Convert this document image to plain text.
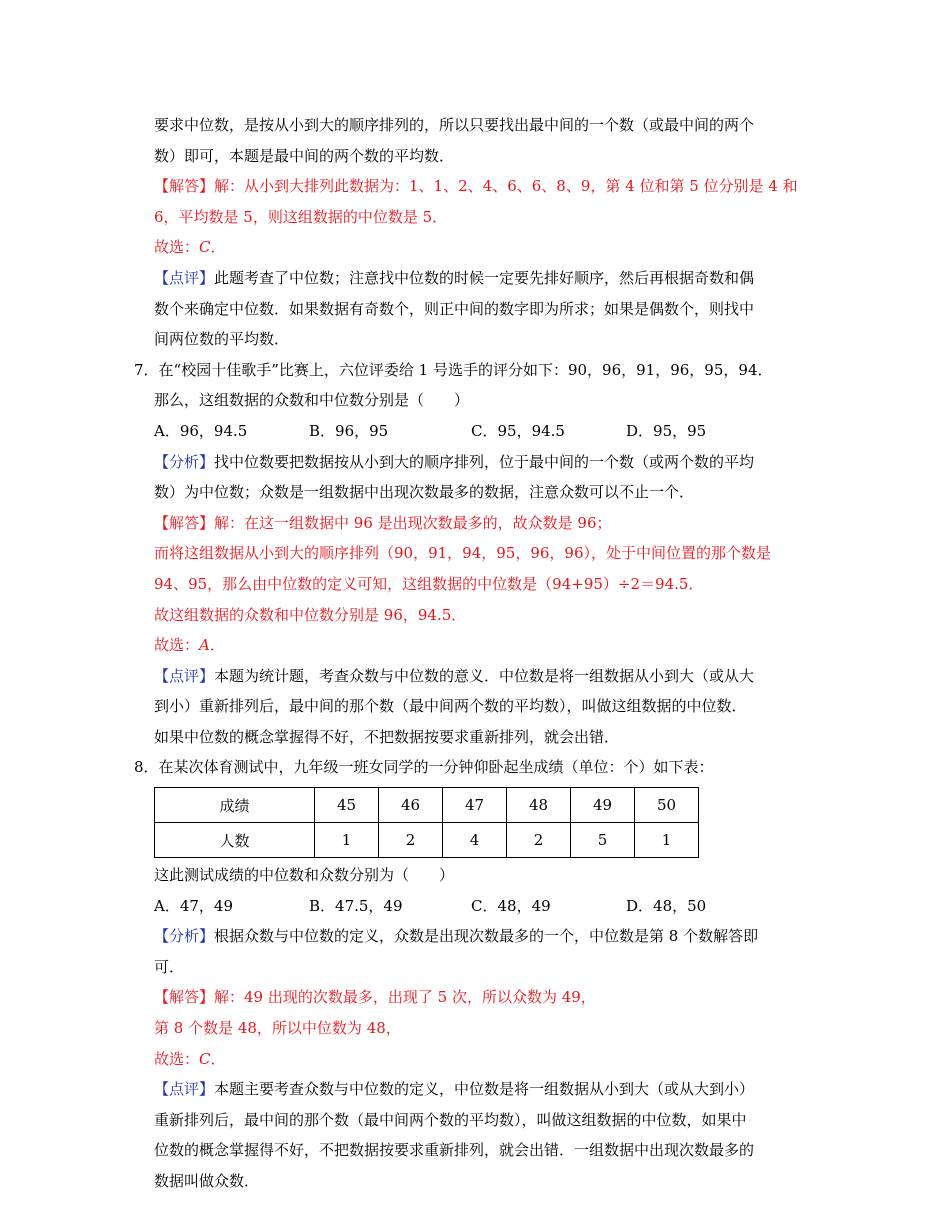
要求中位数，是按从小到大的顺序排列的，所以只要找出最中间的一个数（或最中间的两个

数）即可，本题是最中间的两个数的平均数．

【解答】解：从小到大排列此数据为：1、1、2、4、6、6、8、9，第 4 位和第 5 位分别是 4 和

6，平均数是 5，则这组数据的中位数是 5．

故选：C．

【点评】此题考查了中位数；注意找中位数的时候一定要先排好顺序，然后再根据奇数和偶

数个来确定中位数．如果数据有奇数个，则正中间的数字即为所求；如果是偶数个，则找中

间两位数的平均数．

7．在“校园十佳歌手”比赛上，六位评委给 1 号选手的评分如下：90，96，91，96，95，94．

那么，这组数据的众数和中位数分别是（　　）

A．96，94.5	B．96，95	C．95，94.5	D．95，95

【分析】找中位数要把数据按从小到大的顺序排列，位于最中间的一个数（或两个数的平均

数）为中位数；众数是一组数据中出现次数最多的数据，注意众数可以不止一个．

【解答】解：在这一组数据中 96 是出现次数最多的，故众数是 96；

而将这组数据从小到大的顺序排列（90，91，94，95，96，96），处于中间位置的那个数是

94、95，那么由中位数的定义可知，这组数据的中位数是（94+95）÷2＝94.5．

故这组数据的众数和中位数分别是 96，94.5．

故选：A．

【点评】本题为统计题，考查众数与中位数的意义．中位数是将一组数据从小到大（或从大

到小）重新排列后，最中间的那个数（最中间两个数的平均数），叫做这组数据的中位数．

如果中位数的概念掌握得不好，不把数据按要求重新排列，就会出错．

8．在某次体育测试中，九年级一班女同学的一分钟仰卧起坐成绩（单位：个）如下表：

成绩	45	46	47	48	49	50
人数	1	2	4	2	5	1

这此测试成绩的中位数和众数分别为（　　）

A．47，49	B．47.5，49	C．48，49	D．48，50

【分析】根据众数与中位数的定义，众数是出现次数最多的一个，中位数是第 8 个数解答即

可．

【解答】解：49 出现的次数最多，出现了 5 次，所以众数为 49，

第 8 个数是 48，所以中位数为 48，

故选：C．

【点评】本题主要考查众数与中位数的定义，中位数是将一组数据从小到大（或从大到小）

重新排列后，最中间的那个数（最中间两个数的平均数），叫做这组数据的中位数，如果中

位数的概念掌握得不好，不把数据按要求重新排列，就会出错．一组数据中出现次数最多的

数据叫做众数．
